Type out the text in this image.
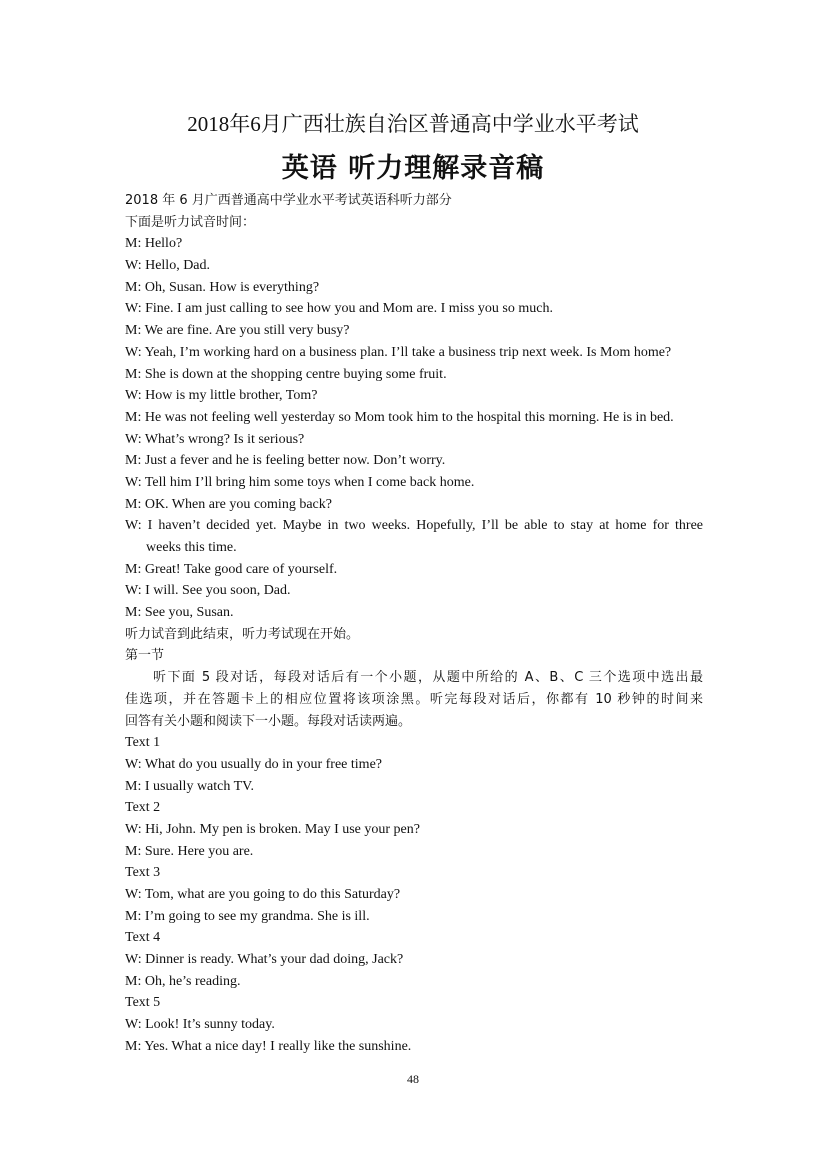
2018年6月广西壮族自治区普通高中学业水平考试
英语 听力理解录音稿
2018 年 6 月广西普通高中学业水平考试英语科听力部分
下面是听力试音时间：
M: Hello?
W: Hello, Dad.
M: Oh, Susan. How is everything?
W: Fine. I am just calling to see how you and Mom are. I miss you so much.
M: We are fine. Are you still very busy?
W: Yeah, I’m working hard on a business plan. I’ll take a business trip next week. Is Mom home?
M: She is down at the shopping centre buying some fruit.
W: How is my little brother, Tom?
M: He was not feeling well yesterday so Mom took him to the hospital this morning. He is in bed.
W: What’s wrong? Is it serious?
M: Just a fever and he is feeling better now. Don’t worry.
W: Tell him I’ll bring him some toys when I come back home.
M: OK. When are you coming back?
W: I haven’t decided yet. Maybe in two weeks. Hopefully, I’ll be able to stay at home for three
weeks this time.
M: Great! Take good care of yourself.
W: I will. See you soon, Dad.
M: See you, Susan.
听力试音到此结束，听力考试现在开始。
第一节
听下面 5 段对话，每段对话后有一个小题，从题中所给的 A、B、C 三个选项中选出最
佳选项，并在答题卡上的相应位置将该项涂黑。听完每段对话后，你都有 10 秒钟的时间来
回答有关小题和阅读下一小题。每段对话读两遍。
Text 1
W: What do you usually do in your free time?
M: I usually watch TV.
Text 2
W: Hi, John. My pen is broken. May I use your pen?
M: Sure. Here you are.
Text 3
W: Tom, what are you going to do this Saturday?
M: I’m going to see my grandma. She is ill.
Text 4
W: Dinner is ready. What’s your dad doing, Jack?
M: Oh, he’s reading.
Text 5
W: Look! It’s sunny today.
M: Yes. What a nice day! I really like the sunshine.
48
